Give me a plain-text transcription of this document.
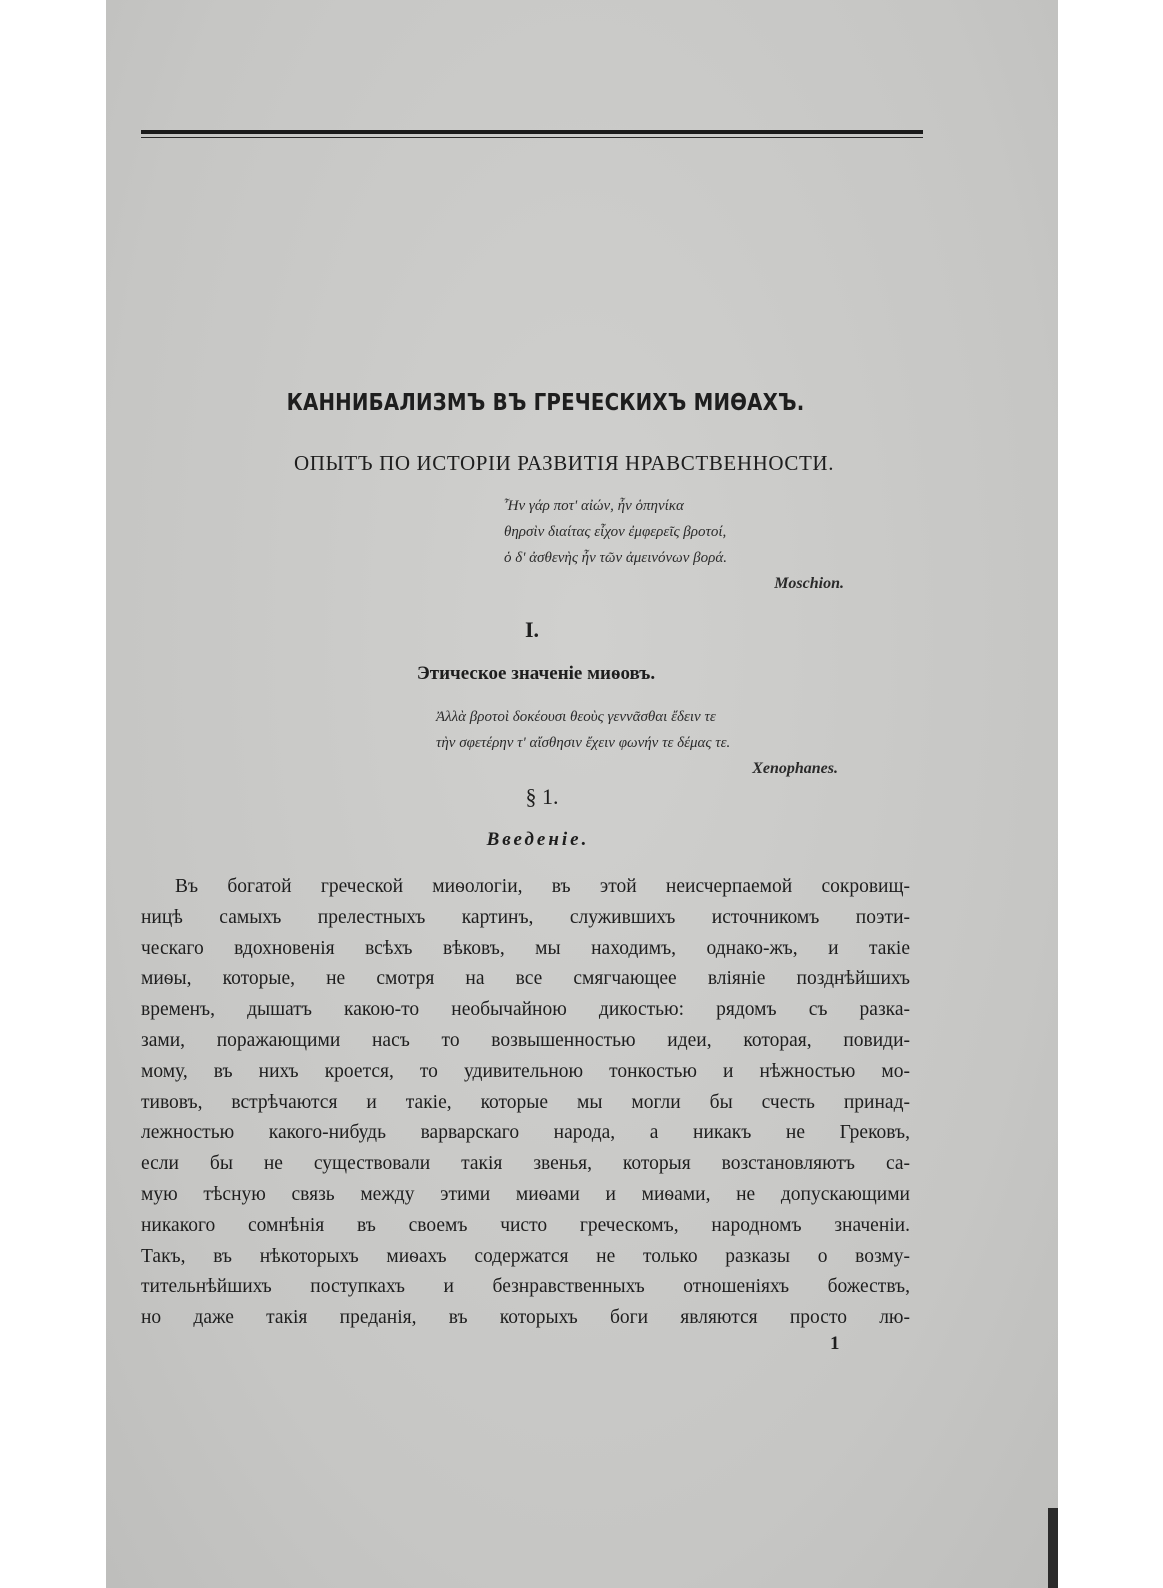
КАННИБАЛИЗМЪ ВЪ ГРЕЧЕСКИХЪ МИѲАХЪ.
ОПЫТЪ ПО ИСТОРІИ РАЗВИТІЯ НРАВСТВЕННОСТИ.
Ἦν γάρ ποτ' αἰών, ἦν ὁπηνίκα
θηρσὶν διαίτας εἶχον ἐμφερεῖς βροτοί,
ὁ δ' ἀσθενὴς ἦν τῶν ἀμεινόνων βορά.
Moschion.
I.
Этическое значеніе миѳовъ.
Ἀλλὰ βροτοὶ δοκέουσι θεοὺς γεννᾶσθαι ἔδειν τε
τὴν σφετέρην τ' αἴσθησιν ἔχειν φωνήν τε δέμας τε.
Xenophanes.
§ 1.
Введеніе.
Въ богатой греческой миѳологіи, въ этой неисчерпаемой сокровищ-
ницѣ самыхъ прелестныхъ картинъ, служившихъ источникомъ поэти-
ческаго вдохновенія всѣхъ вѣковъ, мы находимъ, однако-жъ, и такіе
миѳы, которые, не смотря на все смягчающее вліяніе позднѣйшихъ
временъ, дышатъ какою-то необычайною дикостью: рядомъ съ разка-
зами, поражающими насъ то возвышенностью идеи, которая, повиди-
мому, въ нихъ кроется, то удивительною тонкостью и нѣжностью мо-
тивовъ, встрѣчаются и такіе, которые мы могли бы счесть принад-
лежностью какого-нибудь варварскаго народа, а никакъ не Грековъ,
если бы не существовали такія звенья, которыя возстановляютъ са-
мую тѣсную связь между этими миѳами и миѳами, не допускающими
никакого сомнѣнія въ своемъ чисто греческомъ, народномъ значеніи.
Такъ, въ нѣкоторыхъ миѳахъ содержатся не только разказы о возму-
тительнѣйшихъ поступкахъ и безнравственныхъ отношеніяхъ божествъ,
но даже такія преданія, въ которыхъ боги являются просто лю-
1
